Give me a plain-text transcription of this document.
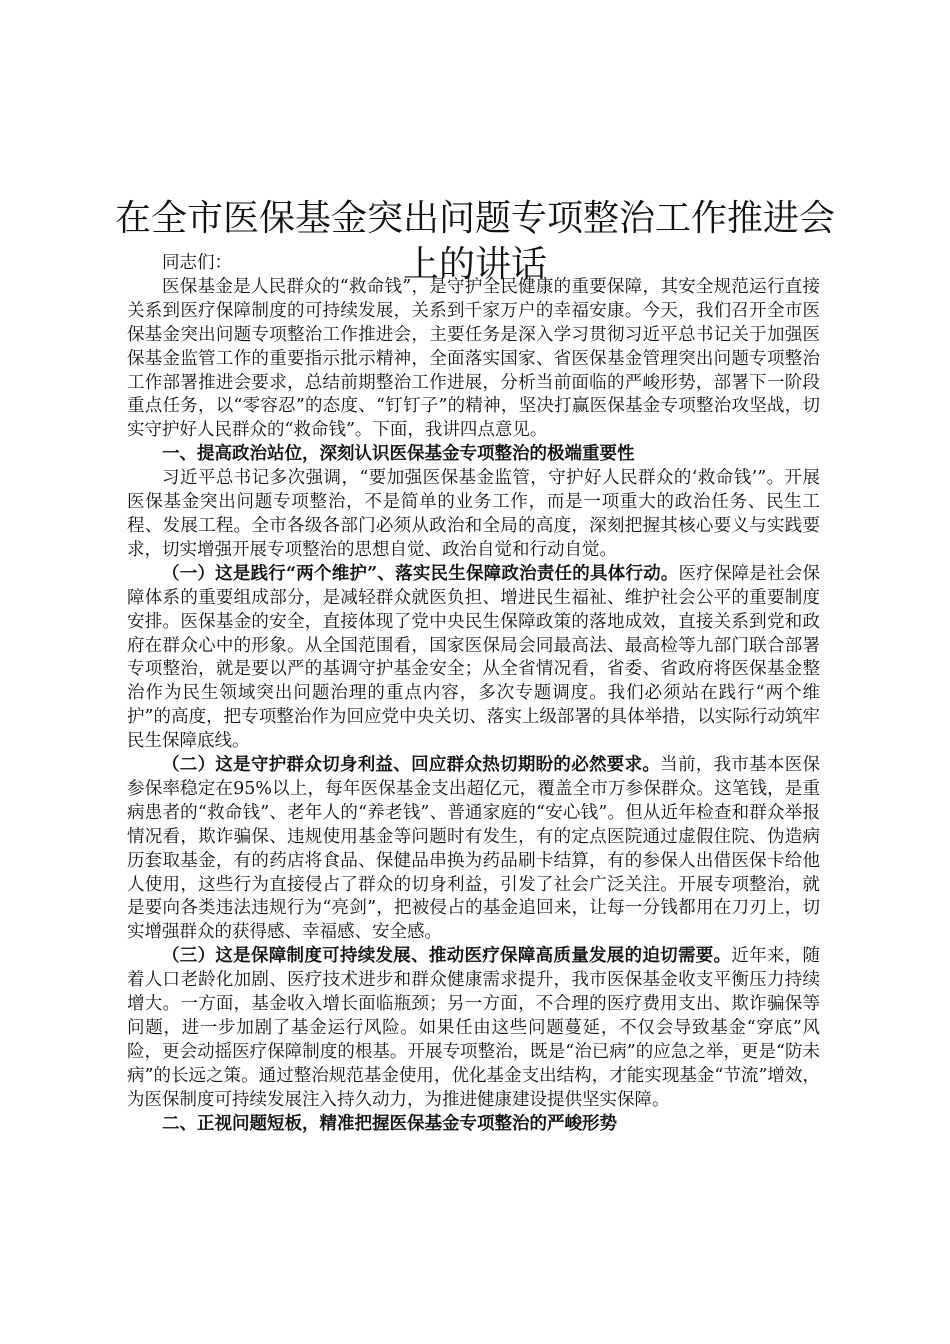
在全市医保基金突出问题专项整治工作推进会上的讲话

同志们：

医保基金是人民群众的“救命钱”，是守护全民健康的重要保障，其安全规范运行直接关系到医疗保障制度的可持续发展，关系到千家万户的幸福安康。今天，我们召开全市医保基金突出问题专项整治工作推进会，主要任务是深入学习贯彻习近平总书记关于加强医保基金监管工作的重要指示批示精神，全面落实国家、省医保基金管理突出问题专项整治工作部署推进会要求，总结前期整治工作进展，分析当前面临的严峻形势，部署下一阶段重点任务，以“零容忍”的态度、“钉钉子”的精神，坚决打赢医保基金专项整治攻坚战，切实守护好人民群众的“救命钱”。下面，我讲四点意见。

一、提高政治站位，深刻认识医保基金专项整治的极端重要性

习近平总书记多次强调，“要加强医保基金监管，守护好人民群众的‘救命钱’”。开展医保基金突出问题专项整治，不是简单的业务工作，而是一项重大的政治任务、民生工程、发展工程。全市各级各部门必须从政治和全局的高度，深刻把握其核心要义与实践要求，切实增强开展专项整治的思想自觉、政治自觉和行动自觉。

（一）这是践行“两个维护”、落实民生保障政治责任的具体行动。医疗保障是社会保障体系的重要组成部分，是减轻群众就医负担、增进民生福祉、维护社会公平的重要制度安排。医保基金的安全，直接体现了党中央民生保障政策的落地成效，直接关系到党和政府在群众心中的形象。从全国范围看，国家医保局会同最高法、最高检等九部门联合部署专项整治，就是要以严的基调守护基金安全；从全省情况看，省委、省政府将医保基金整治作为民生领域突出问题治理的重点内容，多次专题调度。我们必须站在践行“两个维护”的高度，把专项整治作为回应党中央关切、落实上级部署的具体举措，以实际行动筑牢民生保障底线。

（二）这是守护群众切身利益、回应群众热切期盼的必然要求。当前，我市基本医保参保率稳定在95%以上，每年医保基金支出超亿元，覆盖全市万参保群众。这笔钱，是重病患者的“救命钱”、老年人的“养老钱”、普通家庭的“安心钱”。但从近年检查和群众举报情况看，欺诈骗保、违规使用基金等问题时有发生，有的定点医院通过虚假住院、伪造病历套取基金，有的药店将食品、保健品串换为药品刷卡结算，有的参保人出借医保卡给他人使用，这些行为直接侵占了群众的切身利益，引发了社会广泛关注。开展专项整治，就是要向各类违法违规行为“亮剑”，把被侵占的基金追回来，让每一分钱都用在刀刃上，切实增强群众的获得感、幸福感、安全感。

（三）这是保障制度可持续发展、推动医疗保障高质量发展的迫切需要。近年来，随着人口老龄化加剧、医疗技术进步和群众健康需求提升，我市医保基金收支平衡压力持续增大。一方面，基金收入增长面临瓶颈；另一方面，不合理的医疗费用支出、欺诈骗保等问题，进一步加剧了基金运行风险。如果任由这些问题蔓延，不仅会导致基金“穿底”风险，更会动摇医疗保障制度的根基。开展专项整治，既是“治已病”的应急之举，更是“防未病”的长远之策。通过整治规范基金使用，优化基金支出结构，才能实现基金“节流”增效，为医保制度可持续发展注入持久动力，为推进健康建设提供坚实保障。

二、正视问题短板，精准把握医保基金专项整治的严峻形势
